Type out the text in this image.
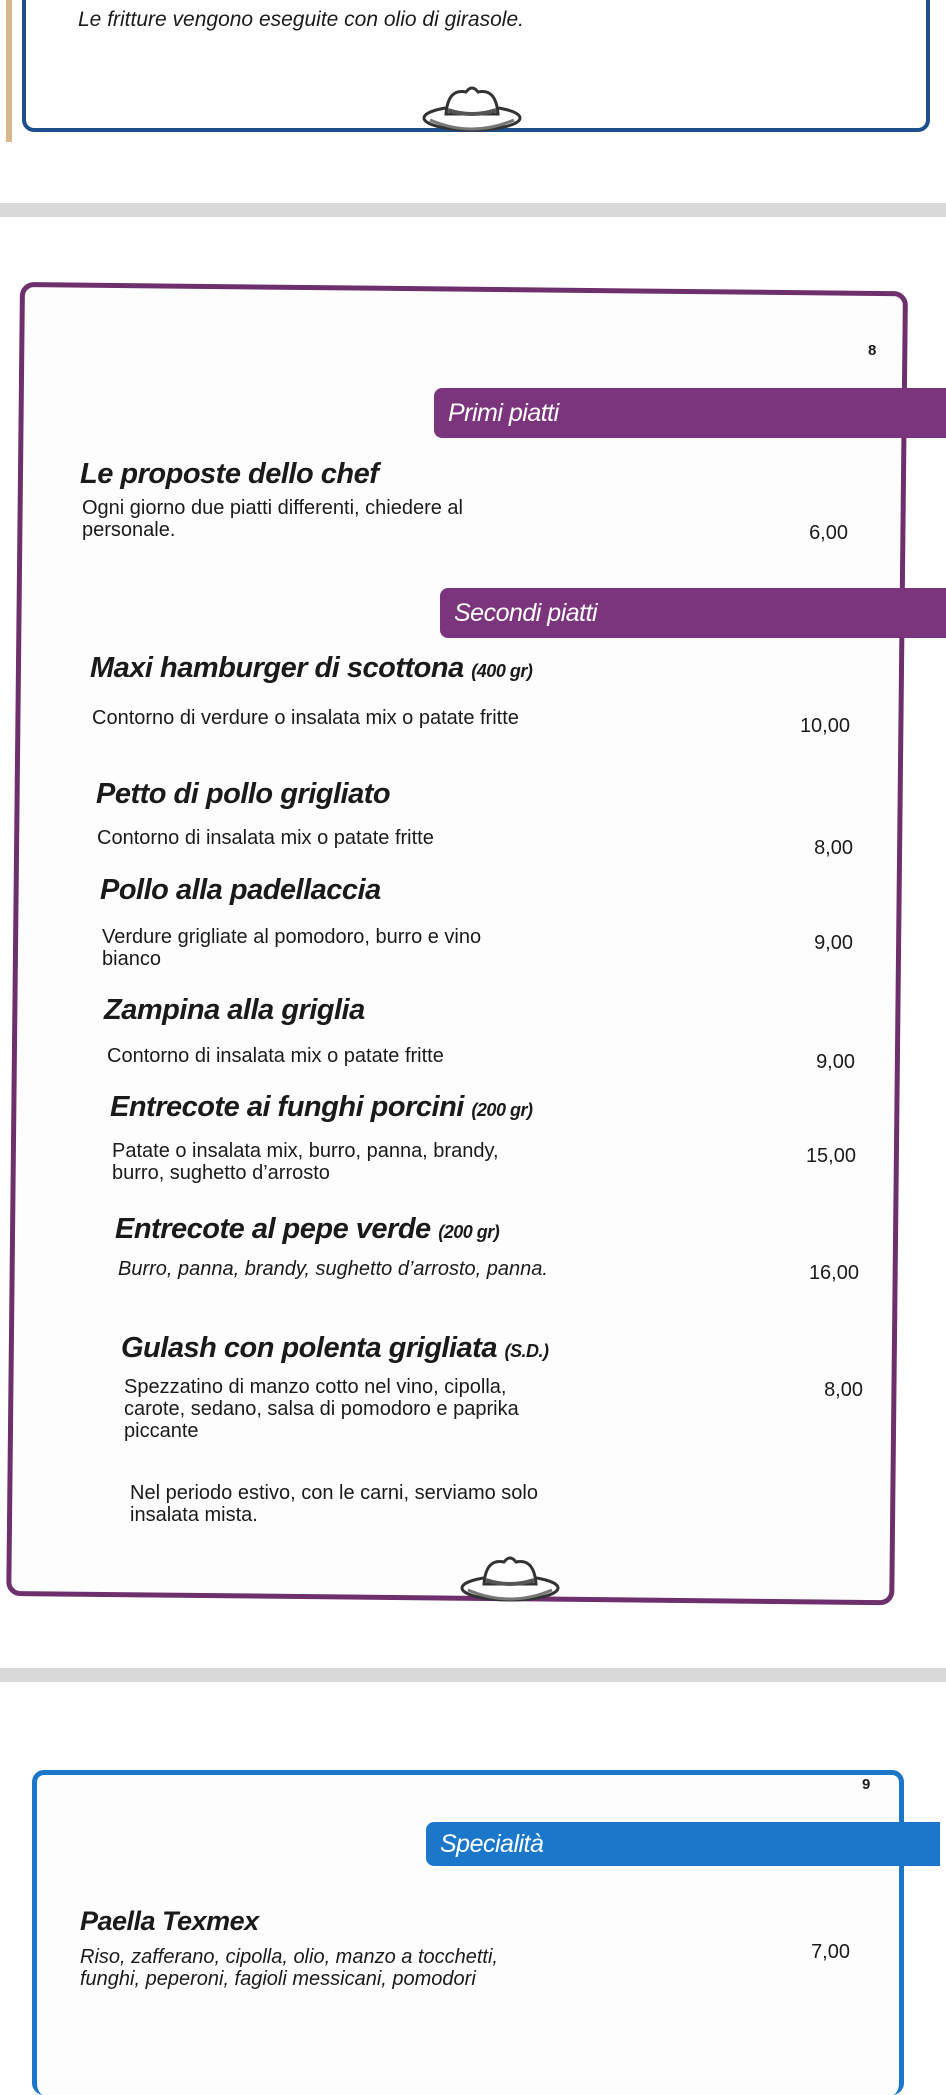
Le fritture vengono eseguite con olio di girasole.
8
Primi piatti
Le proposte dello chef
Ogni giorno due piatti differenti, chiedere al personale.	6,00
Secondi piatti
Maxi hamburger di scottona (400 gr)
Contorno di verdure o insalata mix o patate fritte	10,00
Petto di pollo grigliato
Contorno di insalata mix o patate fritte	8,00
Pollo alla padellaccia
Verdure grigliate al pomodoro, burro e vino bianco
9,00
Zampina alla griglia
Contorno di insalata mix o patate fritte	9,00
Entrecote ai funghi porcini (200 gr)
Patate o insalata mix, burro, panna, brandy, burro, sughetto d’arrosto
15,00
Entrecote al pepe verde (200 gr)
Burro, panna, brandy, sughetto d’arrosto, panna.	16,00
Gulash con polenta grigliata (S.D.)
Spezzatino di manzo cotto nel vino, cipolla, carote, sedano, salsa di pomodoro e paprika piccante
8,00
Nel periodo estivo, con le carni, serviamo solo insalata mista.
9
Specialità
Paella Texmex
Riso, zafferano, cipolla, olio, manzo a tocchetti, funghi, peperoni, fagioli messicani, pomodori
7,00
